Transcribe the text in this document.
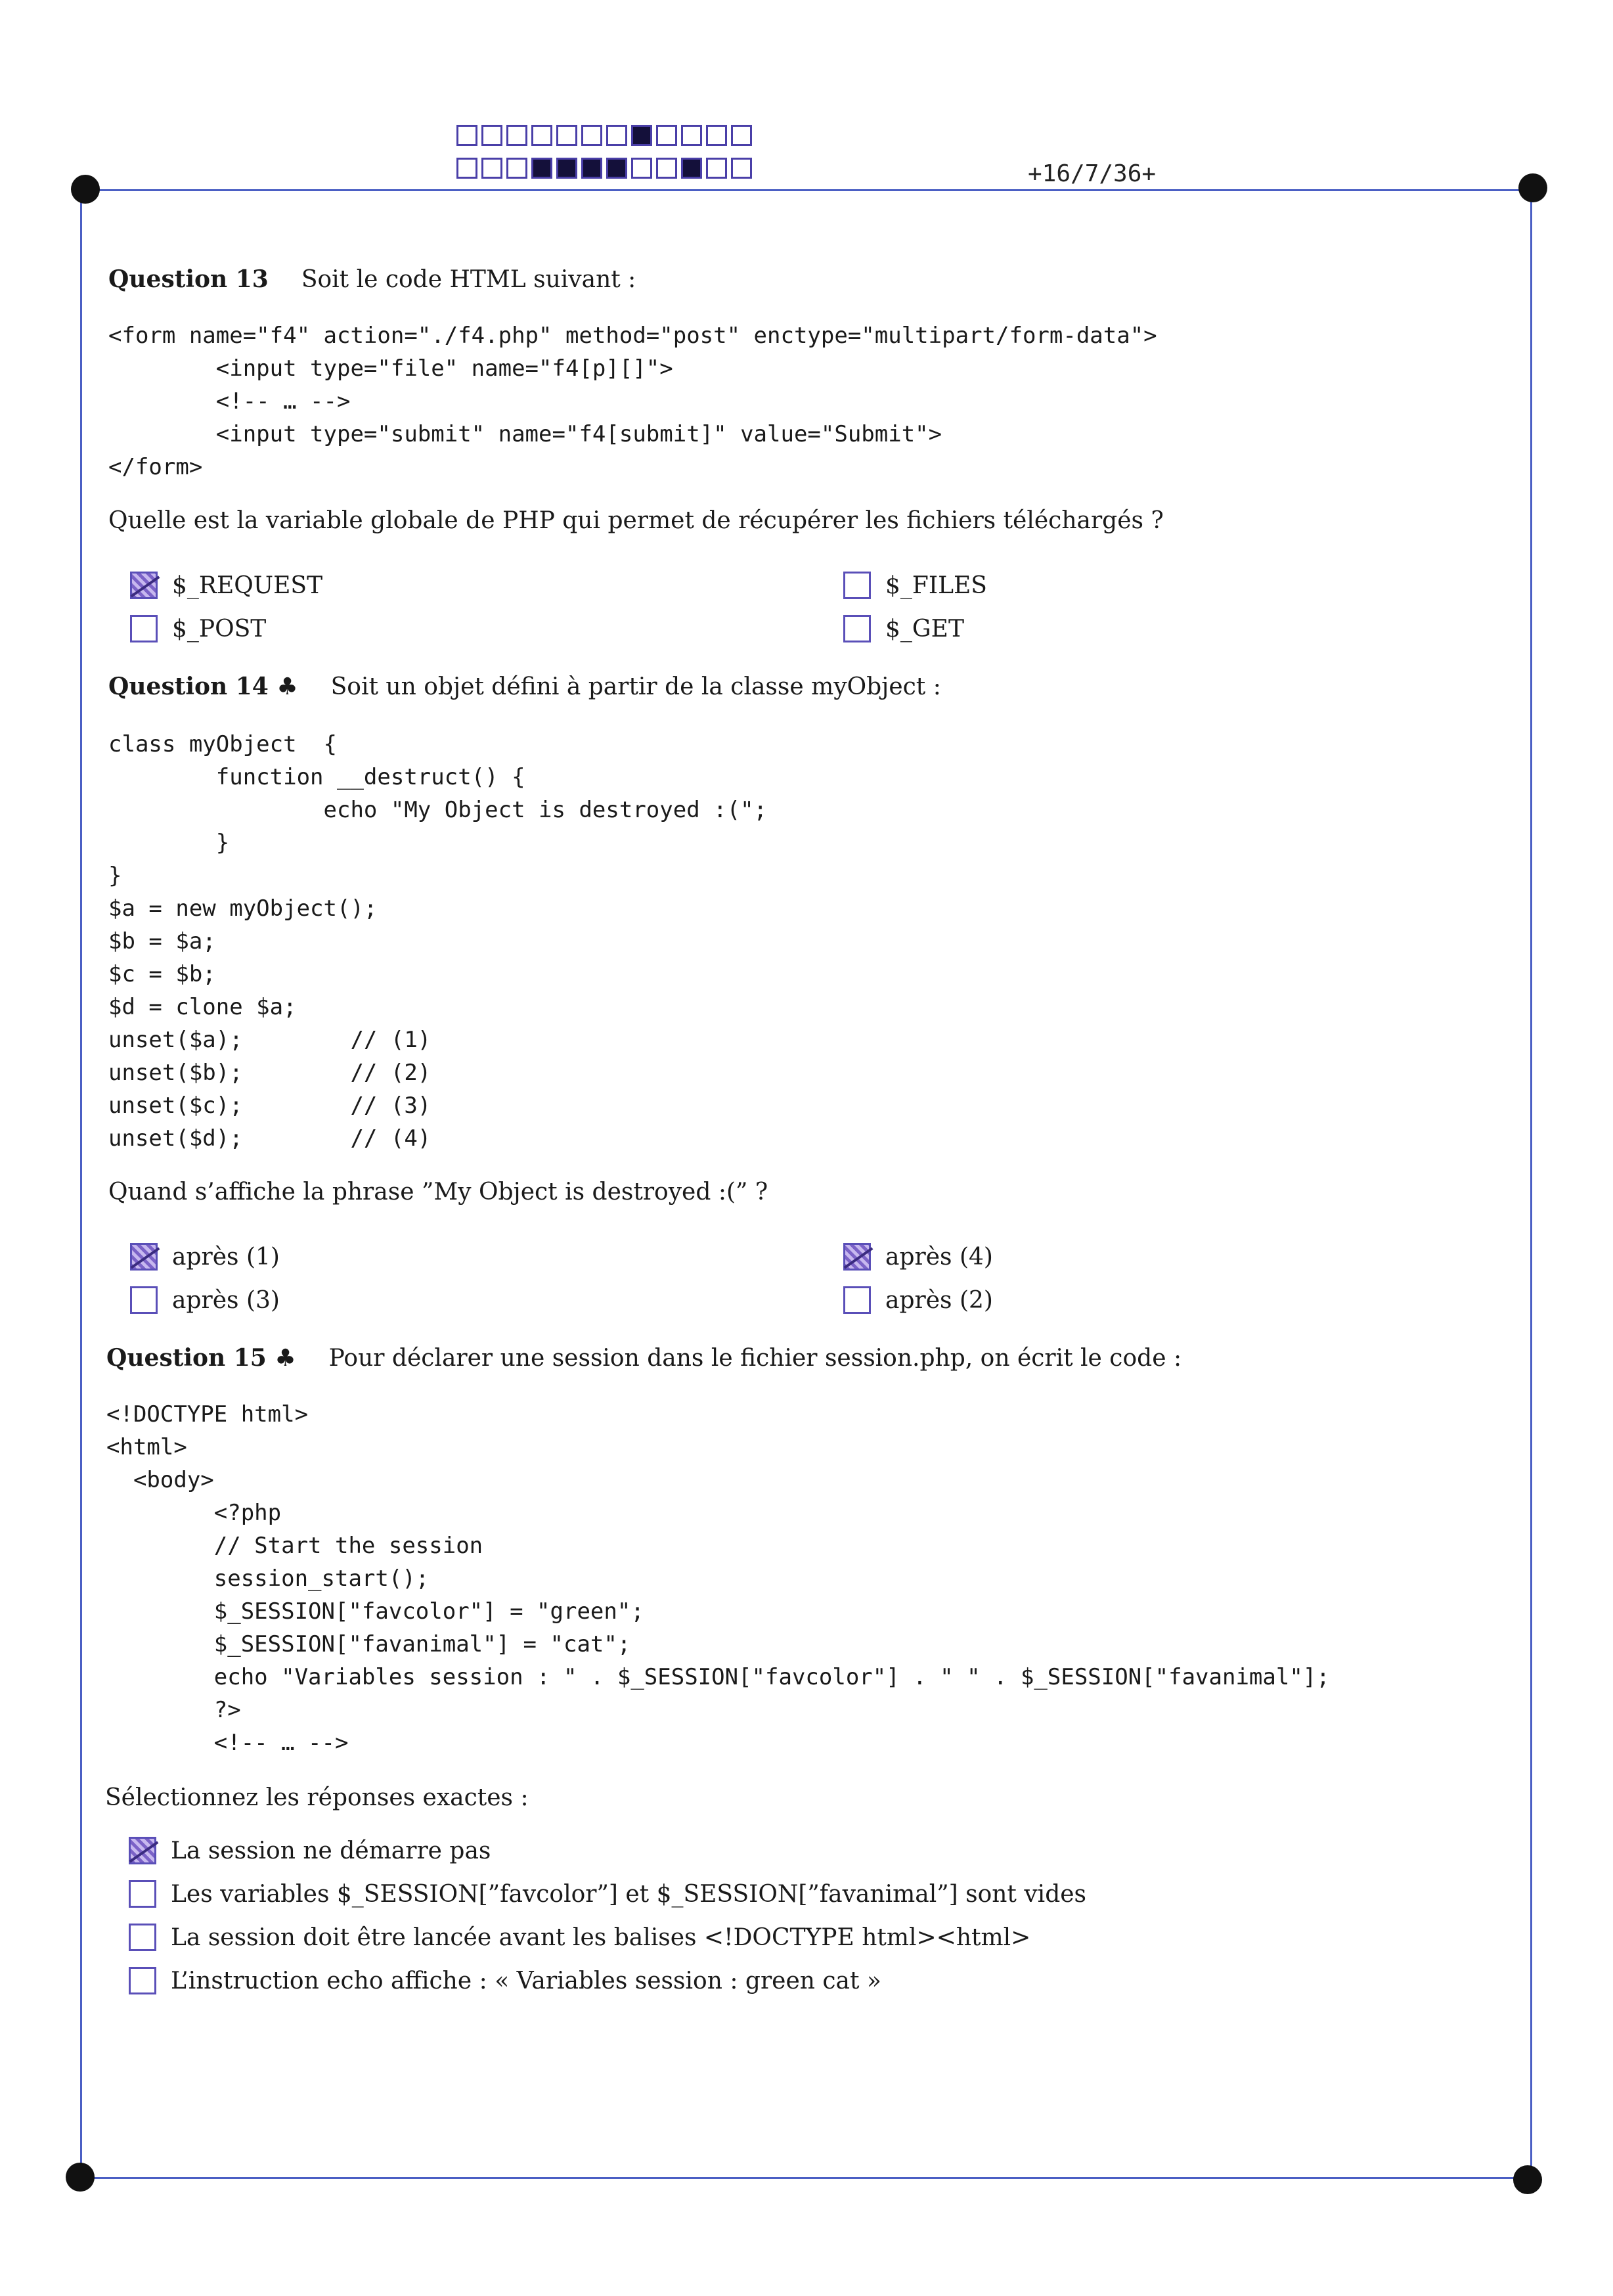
+16/7/36+
Question 13 Soit le code HTML suivant :
<form name="f4" action="./f4.php" method="post" enctype="multipart/form-data">
<input type="file" name="f4[p][]">
<!-- … -->
<input type="submit" name="f4[submit]" value="Submit">
</form>
Quelle est la variable globale de PHP qui permet de récupérer les fichiers téléchargés ?
$_REQUEST
$_POST
$_FILES
$_GET
Question 14 ♣ Soit un objet défini à partir de la classe myObject :
class myObject  {
function __destruct() {
echo "My Object is destroyed :(";
}
}
$a = new myObject();
$b = $a;
$c = $b;
$d = clone $a;
unset($a);        // (1)
unset($b);        // (2)
unset($c);        // (3)
unset($d);        // (4)
Quand s’affiche la phrase ”My Object is destroyed :(” ?
après (1)
après (3)
après (4)
après (2)
Question 15 ♣ Pour déclarer une session dans le fichier session.php, on écrit le code :
<!DOCTYPE html>
<html>
<body>
<?php
// Start the session
session_start();
$_SESSION["favcolor"] = "green";
$_SESSION["favanimal"] = "cat";
echo "Variables session : " . $_SESSION["favcolor"] . " " . $_SESSION["favanimal"];
?>
<!-- … -->
Sélectionnez les réponses exactes :
La session ne démarre pas
Les variables $_SESSION[”favcolor”] et $_SESSION[”favanimal”] sont vides
La session doit être lancée avant les balises <!DOCTYPE html><html>
L’instruction echo affiche : « Variables session : green cat »
